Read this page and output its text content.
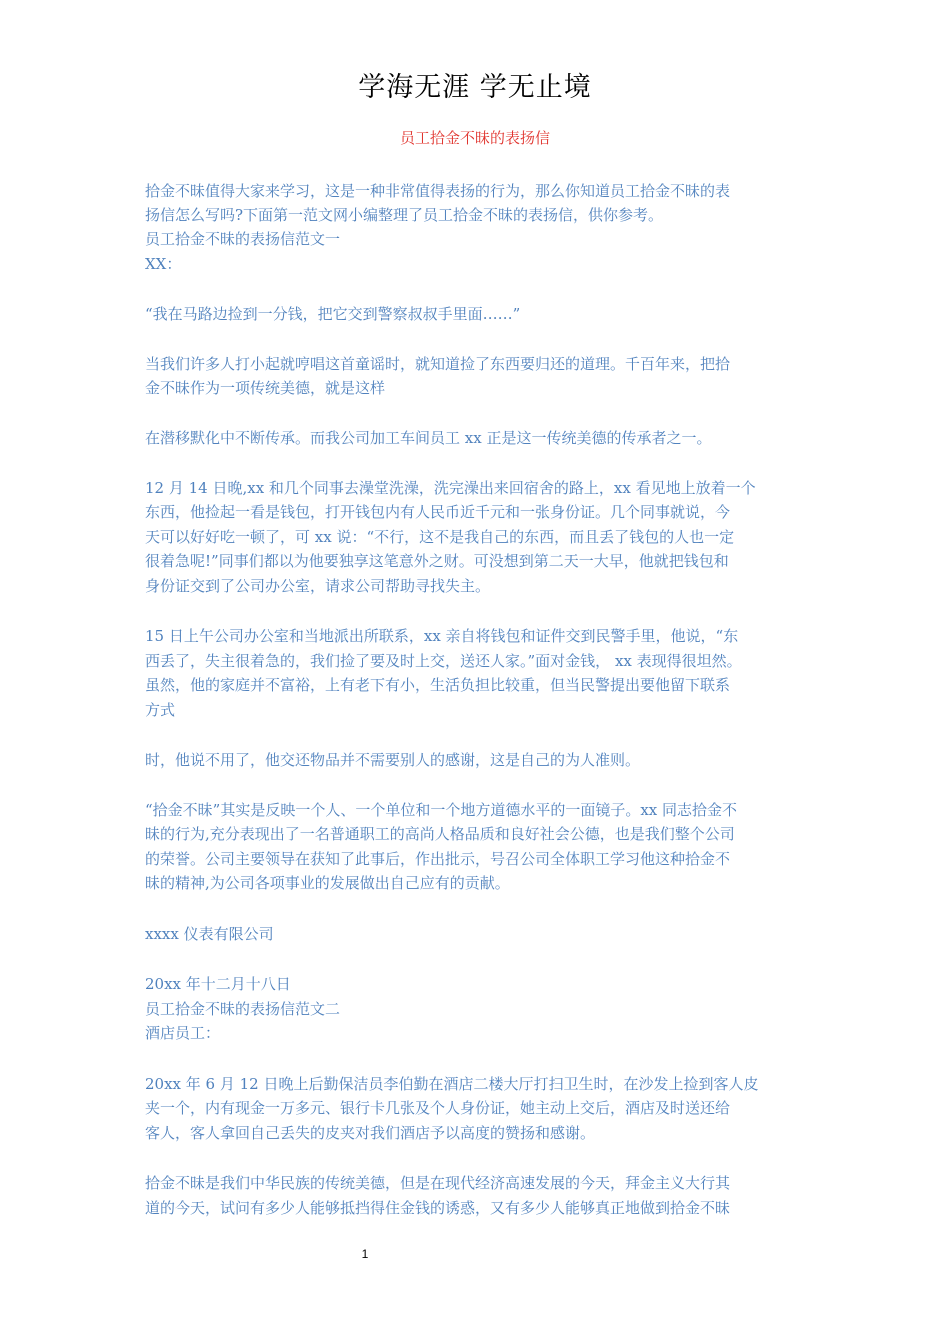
学海无涯 学无止境
员工拾金不昧的表扬信
拾金不昧值得大家来学习，这是一种非常值得表扬的行为，那么你知道员工拾金不昧的表
扬信怎么写吗?下面第一范文网小编整理了员工拾金不昧的表扬信，供你参考。
员工拾金不昧的表扬信范文一
XX：
“我在马路边捡到一分钱，把它交到警察叔叔手里面……”
当我们许多人打小起就哼唱这首童谣时，就知道捡了东西要归还的道理。千百年来，把拾
金不昧作为一项传统美德，就是这样
在潜移默化中不断传承。而我公司加工车间员工 xx 正是这一传统美德的传承者之一。
12 月 14 日晚,xx 和几个同事去澡堂洗澡，洗完澡出来回宿舍的路上，xx 看见地上放着一个
东西，他捡起一看是钱包，打开钱包内有人民币近千元和一张身份证。几个同事就说，今
天可以好好吃一顿了，可 xx 说：“不行，这不是我自己的东西，而且丢了钱包的人也一定
很着急呢!”同事们都以为他要独享这笔意外之财。可没想到第二天一大早，他就把钱包和
身份证交到了公司办公室，请求公司帮助寻找失主。
15 日上午公司办公室和当地派出所联系，xx 亲自将钱包和证件交到民警手里，他说，“东
西丢了，失主很着急的，我们捡了要及时上交，送还人家。”面对金钱， xx 表现得很坦然。
虽然，他的家庭并不富裕，上有老下有小，生活负担比较重，但当民警提出要他留下联系
方式
时，他说不用了，他交还物品并不需要别人的感谢，这是自己的为人准则。
“拾金不昧”其实是反映一个人、一个单位和一个地方道德水平的一面镜子。xx 同志拾金不
昧的行为,充分表现出了一名普通职工的高尚人格品质和良好社会公德，也是我们整个公司
的荣誉。公司主要领导在获知了此事后，作出批示，号召公司全体职工学习他这种拾金不
昧的精神,为公司各项事业的发展做出自己应有的贡献。
xxxx 仪表有限公司
20xx 年十二月十八日
员工拾金不昧的表扬信范文二
酒店员工：
20xx 年 6 月 12 日晚上后勤保洁员李伯勤在酒店二楼大厅打扫卫生时，在沙发上捡到客人皮
夹一个，内有现金一万多元、银行卡几张及个人身份证，她主动上交后，酒店及时送还给
客人，客人拿回自己丢失的皮夹对我们酒店予以高度的赞扬和感谢。
拾金不昧是我们中华民族的传统美德，但是在现代经济高速发展的今天，拜金主义大行其
道的今天，试问有多少人能够抵挡得住金钱的诱惑，又有多少人能够真正地做到拾金不昧
1
